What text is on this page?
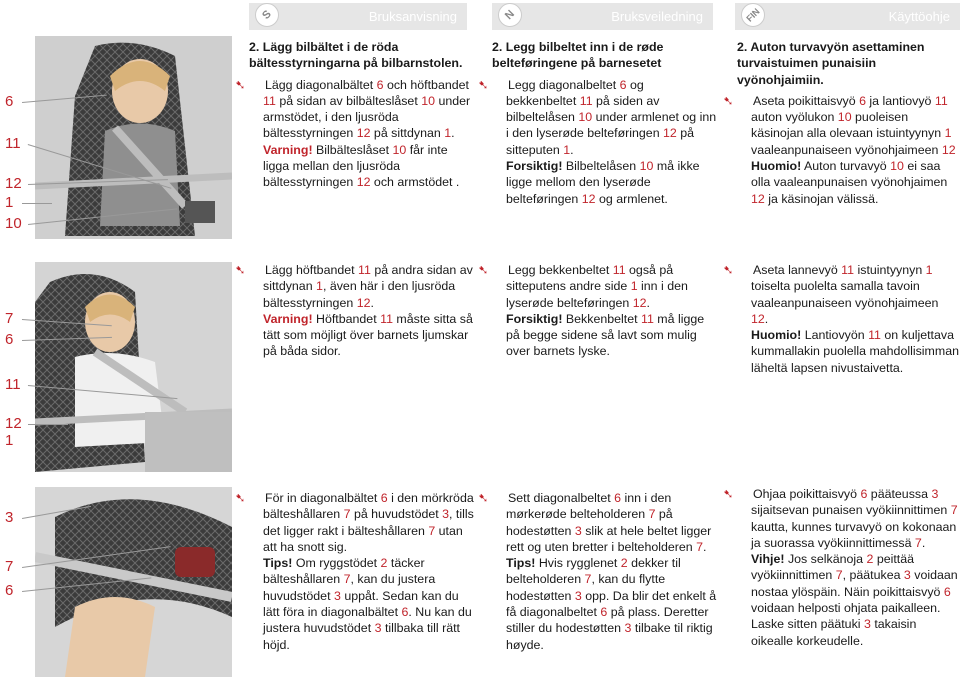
S	Bruksanvisning	N	Bruksveiledning	FIN	Käyttöohje
6
11
12
1
10
7
6
11
12
1
3
7
6

2. Lägg bilbältet i de röda bältesstyrningarna på bilbarnstolen.

➷ Lägg diagonalbältet 6 och höftbandet 11 på sidan av bilbälteslåset 10 under armstödet, i den ljusröda bältesstyrningen 12 på sittdynan 1.
Varning! Bilbälteslåset 10 får inte ligga mellan den ljusröda bältesstyrningen 12 och armstödet .

2. Legg bilbeltet inn i de røde belteføringene på barnesetet

➷ Legg diagonalbeltet 6 og bekkenbeltet 11 på siden av bilbeltelåsen 10 under armlenet og inn i den lyserøde belteføringen 12 på sitteputen 1.
Forsiktig! Bilbeltelåsen 10 må ikke ligge mellom den lyserøde belteføringen 12 og armlenet.

2. Auton turvavyön asettaminen turvaistuimen punaisiin vyönohjaimiin.

➷ Aseta poikittaisvyö 6 ja lantiovyö 11 auton vyölukon 10 puoleisen käsinojan alla olevaan istuintyynyn 1 vaaleanpunaiseen vyönohjaimeen 12
Huomio! Auton turvavyö 10 ei saa olla vaaleanpunaisen vyönohjaimen 12 ja käsinojan välissä.

➷ Lägg höftbandet 11 på andra sidan av sittdynan 1, även här i den ljusröda bältesstyrningen 12.
Varning! Höftbandet 11 måste sitta så tätt som möjligt över barnets ljumskar på båda sidor.

➷ Legg bekkenbeltet 11 også på sitteputens andre side 1 inn i den lyserøde belteføringen 12.
Forsiktig! Bekkenbeltet 11 må ligge på begge sidene så lavt som mulig over barnets lyske.

➷ Aseta lannevyö 11 istuintyynyn 1 toiselta puolelta samalla tavoin vaaleanpunaiseen vyönohjaimeen 12.
Huomio! Lantiovyön 11 on kuljettava kummallakin puolella mahdollisimman läheltä lapsen nivustaivetta.

➷ För in diagonalbältet 6 i den mörkröda bälteshållaren 7 på huvudstödet 3, tills det ligger rakt i bälteshållaren 7 utan att ha snott sig.
Tips! Om ryggstödet 2 täcker bälteshållaren 7, kan du justera huvudstödet 3 uppåt. Sedan kan du lätt föra in diagonalbältet 6. Nu kan du justera huvudstödet 3 tillbaka till rätt höjd.

➷ Sett diagonalbeltet 6 inn i den mørkerøde belteholderen 7 på hodestøtten 3 slik at hele beltet ligger rett og uten bretter i belteholderen 7.
Tips! Hvis rygglenet 2 dekker til belteholderen 7, kan du flytte hodestøtten 3 opp. Da blir det enkelt å få diagonalbeltet 6 på plass. Deretter stiller du hodestøtten 3 tilbake til riktig høyde.

➷ Ohjaa poikittaisvyö 6 pääteussa 3 sijaitsevan punaisen vyökiinnittimen 7 kautta, kunnes turvavyö on kokonaan ja suorassa vyökiinnittimessä 7.
Vihje! Jos selkänoja 2 peittää vyökiinnittimen 7, päätukea 3 voidaan nostaa ylöspäin. Näin poikittaisvyö 6 voidaan helposti ohjata paikalleen. Laske sitten päätuki 3 takaisin oikealle korkeudelle.
